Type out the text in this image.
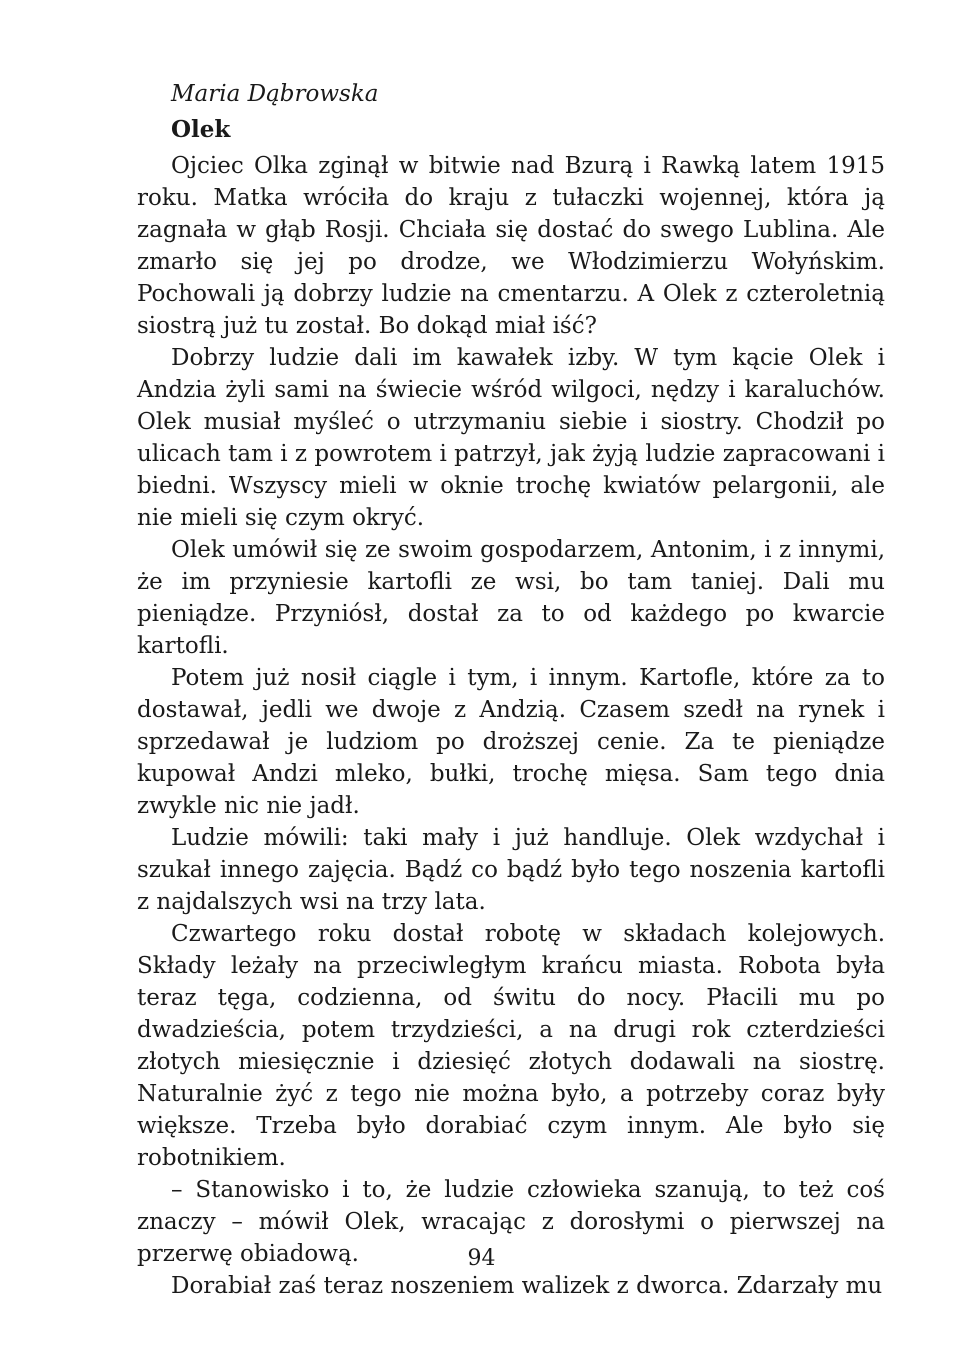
Maria Dąbrowska
Olek

Ojciec Olka zginął w bitwie nad Bzurą i Rawką latem 1915 roku. Matka wróciła do kraju z tułaczki wojennej, która ją zagnała w głąb Rosji. Chciała się dostać do swego Lublina. Ale zmarło się jej po drodze, we Włodzimierzu Wołyńskim. Pochowali ją dobrzy ludzie na cmentarzu. A Olek z czteroletnią siostrą już tu został. Bo dokąd miał iść?

Dobrzy ludzie dali im kawałek izby. W tym kącie Olek i Andzia żyli sami na świecie wśród wilgoci, nędzy i karaluchów. Olek musiał myśleć o utrzymaniu siebie i siostry. Chodził po ulicach tam i z powrotem i patrzył, jak żyją ludzie zapracowani i biedni. Wszyscy mieli w oknie trochę kwiatów pelargonii, ale nie mieli się czym okryć.

Olek umówił się ze swoim gospodarzem, Antonim, i z innymi, że im przyniesie kartofli ze wsi, bo tam taniej. Dali mu pieniądze. Przyniósł, dostał za to od każdego po kwarcie kartofli.

Potem już nosił ciągle i tym, i innym. Kartofle, które za to dostawał, jedli we dwoje z Andzią. Czasem szedł na rynek i sprzedawał je ludziom po droższej cenie. Za te pieniądze kupował Andzi mleko, bułki, trochę mięsa. Sam tego dnia zwykle nic nie jadł.

Ludzie mówili: taki mały i już handluje. Olek wzdychał i szukał innego zajęcia. Bądź co bądź było tego noszenia kartofli z najdalszych wsi na trzy lata.

Czwartego roku dostał robotę w składach kolejowych. Składy leżały na przeciwległym krańcu miasta. Robota była teraz tęga, codzienna, od świtu do nocy. Płacili mu po dwadzieścia, potem trzydzieści, a na drugi rok czterdzieści złotych miesięcznie i dziesięć złotych dodawali na siostrę. Naturalnie żyć z tego nie można było, a potrzeby coraz były większe. Trzeba było dorabiać czym innym. Ale było się robotnikiem.

– Stanowisko i to, że ludzie człowieka szanują, to też coś znaczy – mówił Olek, wracając z dorosłymi o pierwszej na przerwę obiadową.

Dorabiał zaś teraz noszeniem walizek z dworca. Zdarzały mu

94
